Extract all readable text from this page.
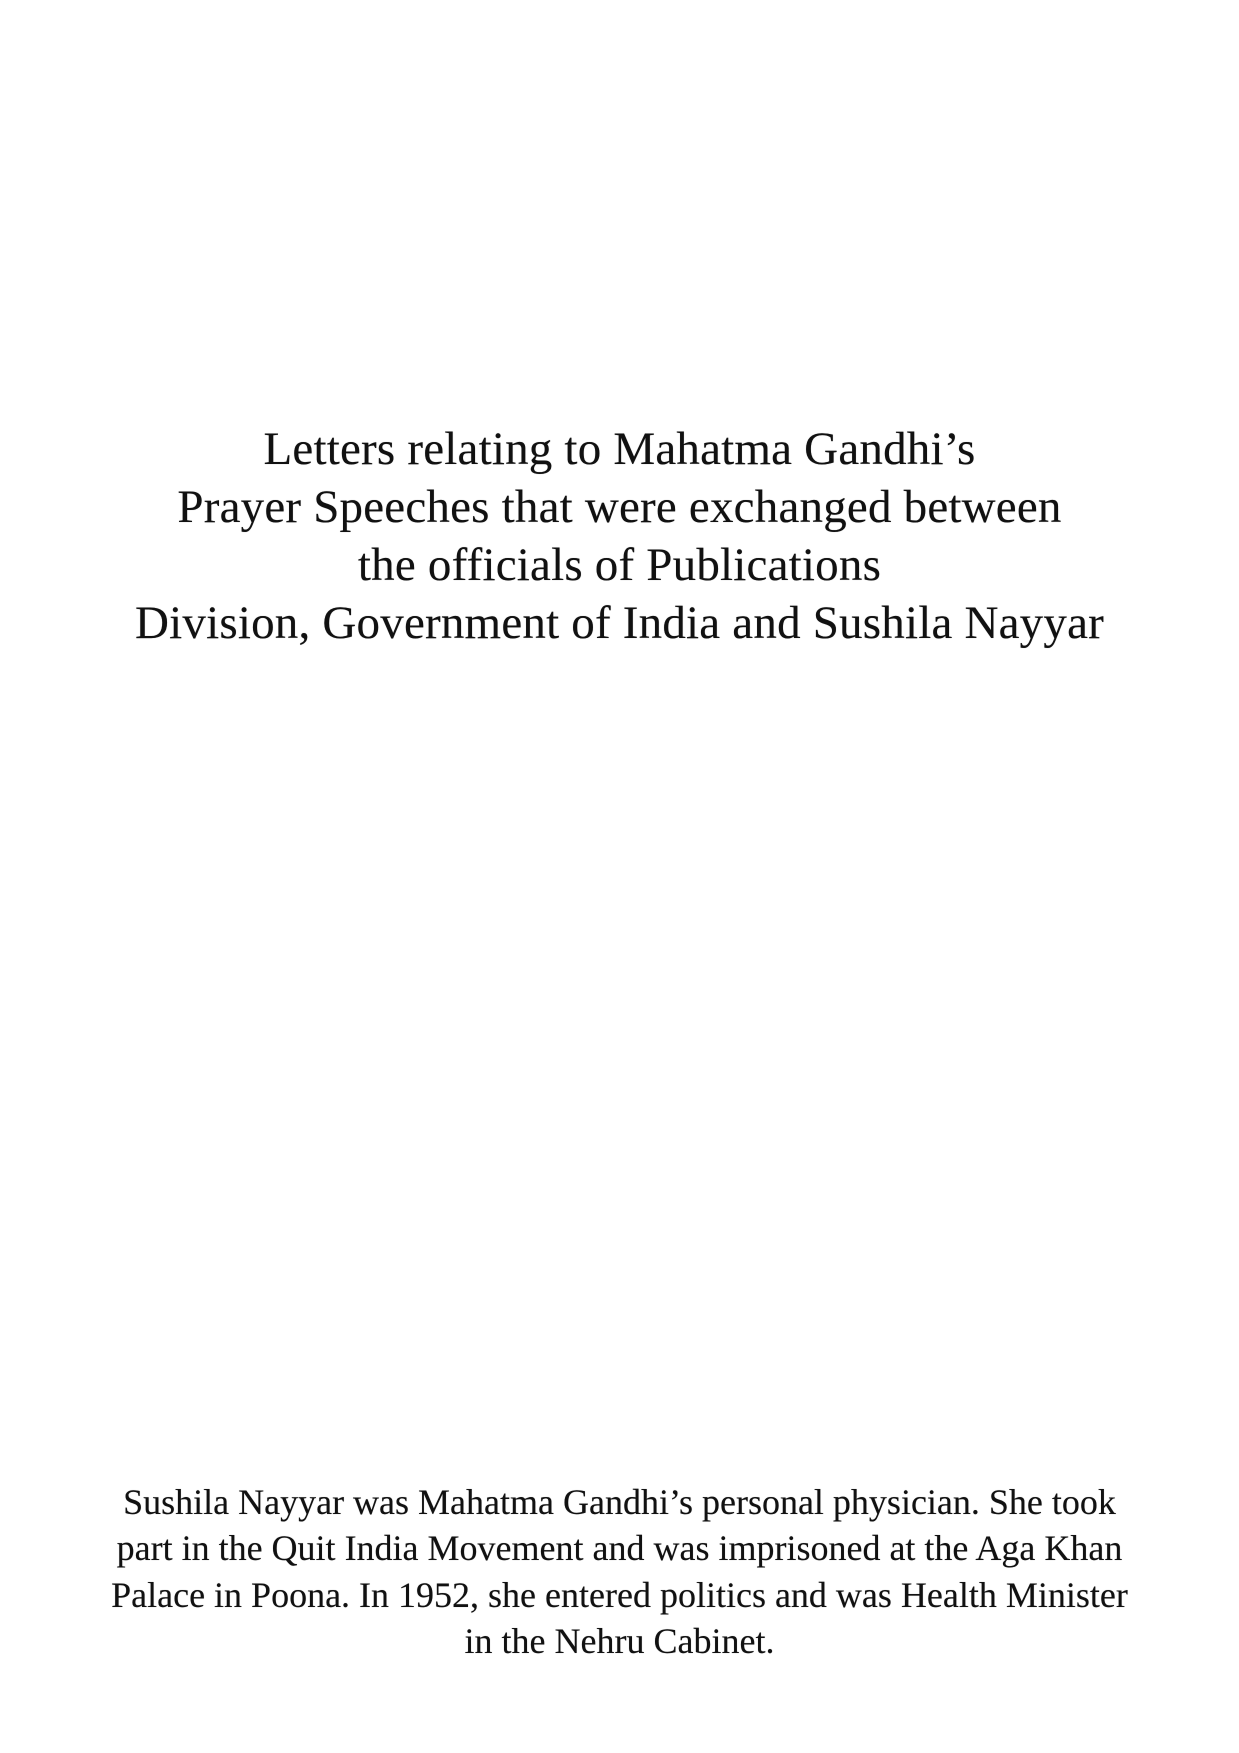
Letters relating to Mahatma Gandhi’s
Prayer Speeches that were exchanged between
the officials of Publications
Division, Government of India and Sushila Nayyar

Sushila Nayyar was Mahatma Gandhi’s personal physician. She took
part in the Quit India Movement and was imprisoned at the Aga Khan
Palace in Poona. In 1952, she entered politics and was Health Minister
in the Nehru Cabinet.
